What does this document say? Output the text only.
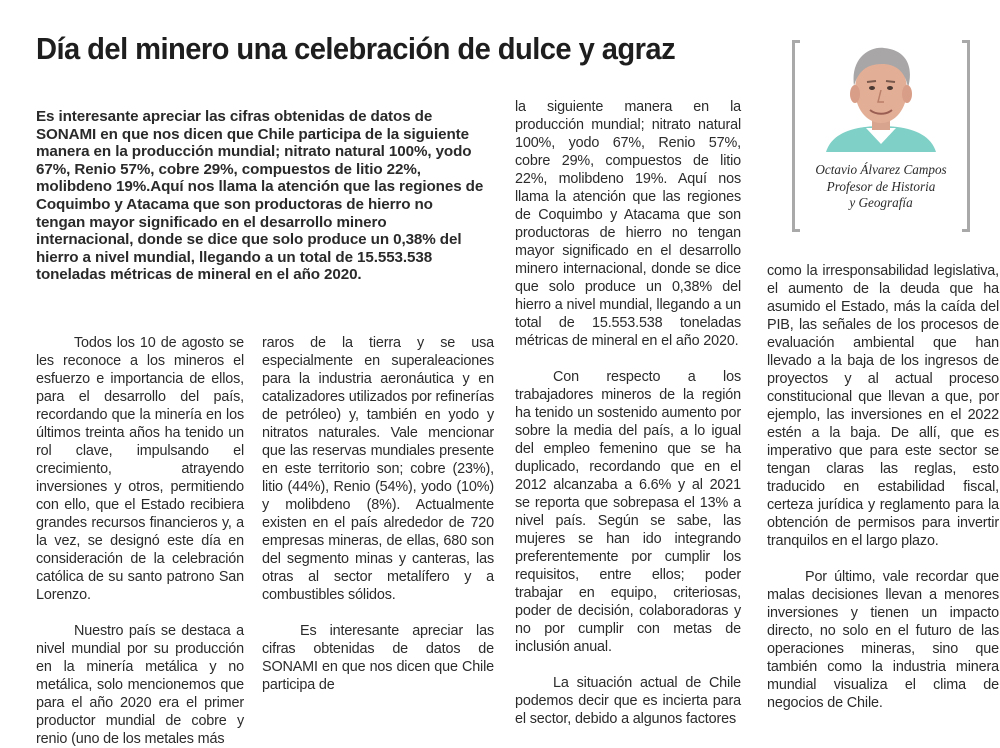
Día del minero una celebración de dulce y agraz
Es interesante apreciar las cifras obtenidas de datos de SONAMI en que nos dicen que Chile participa de la siguiente manera en la producción mundial; nitrato natural 100%, yodo 67%, Renio 57%, cobre 29%, compuestos de litio 22%, molibdeno 19%.Aquí nos llama la atención que las regiones de Coquimbo y Atacama que son productoras de hierro no tengan mayor significado en el desarrollo minero internacional, donde se dice que solo produce un 0,38% del hierro a nivel mundial, llegando a un total de 15.553.538 toneladas métricas de mineral en el año 2020.
Octavio Álvarez Campos
Profesor de Historia
y Geografía

Todos los 10 de agosto se les reconoce a los mineros el esfuerzo e importancia de ellos, para el desarrollo del país, recordando que la minería en los últimos treinta años ha tenido un rol clave, impulsando el crecimiento, atrayendo inversiones y otros, permitiendo con ello, que el Estado recibiera grandes recursos financieros y, a la vez, se designó este día en consideración de la celebración católica de su santo patrono San Lorenzo.

Nuestro país se destaca a nivel mundial por su producción en la minería metálica y no metálica, solo mencionemos que para el año 2020 era el primer productor mundial de cobre y renio (uno de los metales más

raros de la tierra y se usa especialmente en superaleaciones para la industria aeronáutica y en catalizadores utilizados por refinerías de petróleo) y, también en yodo y nitratos naturales. Vale mencionar que las reservas mundiales presente en este territorio son; cobre (23%), litio (44%), Renio (54%), yodo (10%) y molibdeno (8%). Actualmente existen en el país alrededor de 720 empresas mineras, de ellas, 680 son del segmento minas y canteras, las otras al sector metalífero y a combustibles sólidos.

Es interesante apreciar las cifras obtenidas de datos de SONAMI en que nos dicen que Chile participa de

la siguiente manera en la producción mundial; nitrato natural 100%, yodo 67%, Renio 57%, cobre 29%, compuestos de litio 22%, molibdeno 19%. Aquí nos llama la atención que las regiones de Coquimbo y Atacama que son productoras de hierro no tengan mayor significado en el desarrollo minero internacional, donde se dice que solo produce un 0,38% del hierro a nivel mundial, llegando a un total de 15.553.538 toneladas métricas de mineral en el año 2020.

Con respecto a los trabajadores mineros de la región ha tenido un sostenido aumento por sobre la media del país, a lo igual del empleo femenino que se ha duplicado, recordando que en el 2012 alcanzaba a 6.6% y al 2021 se reporta que sobrepasa el 13% a nivel país. Según se sabe, las mujeres se han ido integrando preferentemente por cumplir los requisitos, entre ellos; poder trabajar en equipo, criteriosas, poder de decisión, colaboradoras y no por cumplir con metas de inclusión anual.

La situación actual de Chile podemos decir que es incierta para el sector, debido a algunos factores

como la irresponsabilidad legislativa, el aumento de la deuda que ha asumido el Estado, más la caída del PIB, las señales de los procesos de evaluación ambiental que han llevado a la baja de los ingresos de proyectos y al actual proceso constitucional que llevan a que, por ejemplo, las inversiones en el 2022 estén a la baja. De allí, que es imperativo que para este sector se tengan claras las reglas, esto traducido en estabilidad fiscal, certeza jurídica y reglamento para la obtención de permisos para invertir tranquilos en el largo plazo.

Por último, vale recordar que malas decisiones llevan a menores inversiones y tienen un impacto directo, no solo en el futuro de las operaciones mineras, sino que también como la industria minera mundial visualiza el clima de negocios de Chile.
